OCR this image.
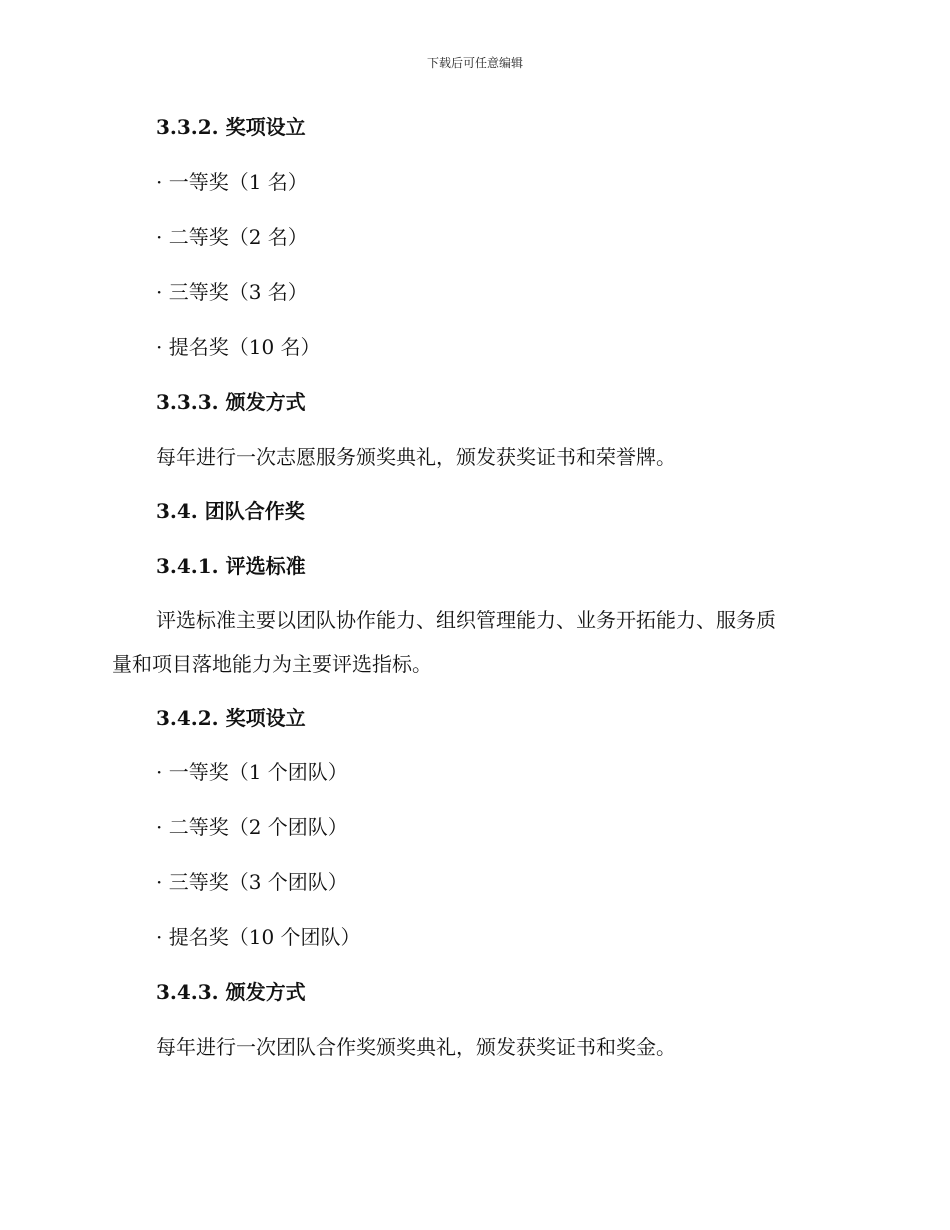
下载后可任意编辑
3.3.2. 奖项设立
· 一等奖（1 名）
· 二等奖（2 名）
· 三等奖（3 名）
· 提名奖（10 名）
3.3.3. 颁发方式
每年进行一次志愿服务颁奖典礼，颁发获奖证书和荣誉牌。
3.4. 团队合作奖
3.4.1. 评选标准
评选标准主要以团队协作能力、组织管理能力、业务开拓能力、服务质
量和项目落地能力为主要评选指标。
3.4.2. 奖项设立
· 一等奖（1 个团队）
· 二等奖（2 个团队）
· 三等奖（3 个团队）
· 提名奖（10 个团队）
3.4.3. 颁发方式
每年进行一次团队合作奖颁奖典礼，颁发获奖证书和奖金。
